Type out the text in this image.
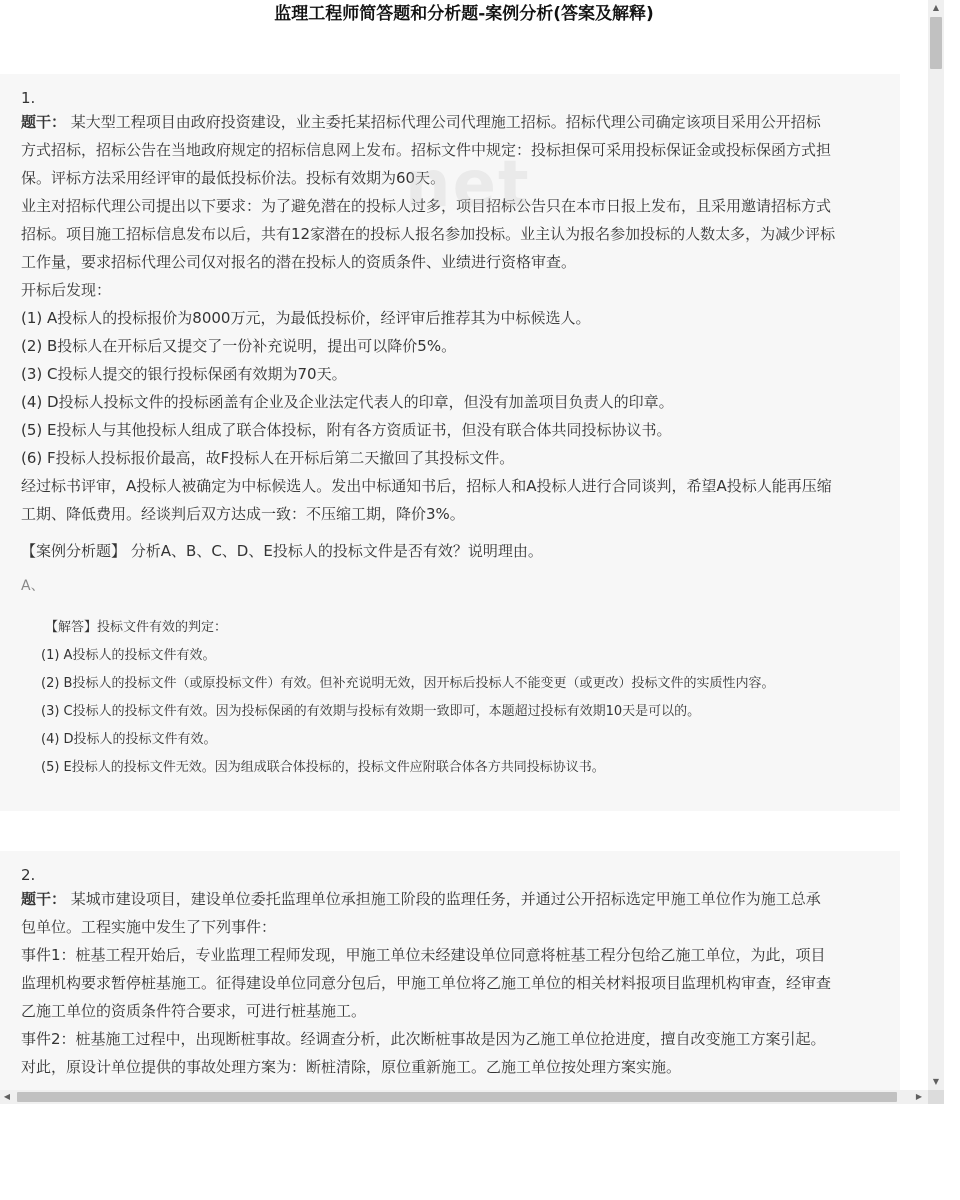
监理工程师简答题和分析题-案例分析(答案及解释)
1.
题干： 某大型工程项目由政府投资建设，业主委托某招标代理公司代理施工招标。招标代理公司确定该项目采用公开招标
方式招标，招标公告在当地政府规定的招标信息网上发布。招标文件中规定：投标担保可采用投标保证金或投标保函方式担
保。评标方法采用经评审的最低投标价法。投标有效期为60天。
业主对招标代理公司提出以下要求：为了避免潜在的投标人过多，项目招标公告只在本市日报上发布，且采用邀请招标方式
招标。项目施工招标信息发布以后，共有12家潜在的投标人报名参加投标。业主认为报名参加投标的人数太多，为减少评标
工作量，要求招标代理公司仅对报名的潜在投标人的资质条件、业绩进行资格审查。
开标后发现：
(1) A投标人的投标报价为8000万元，为最低投标价，经评审后推荐其为中标候选人。
(2) B投标人在开标后又提交了一份补充说明，提出可以降价5%。
(3) C投标人提交的银行投标保函有效期为70天。
(4) D投标人投标文件的投标函盖有企业及企业法定代表人的印章，但没有加盖项目负责人的印章。
(5) E投标人与其他投标人组成了联合体投标，附有各方资质证书，但没有联合体共同投标协议书。
(6) F投标人投标报价最高，故F投标人在开标后第二天撤回了其投标文件。
经过标书评审，A投标人被确定为中标候选人。发出中标通知书后，招标人和A投标人进行合同谈判，希望A投标人能再压缩
工期、降低费用。经谈判后双方达成一致：不压缩工期，降价3%。
【案例分析题】 分析A、B、C、D、E投标人的投标文件是否有效？说明理由。
A、
【解答】投标文件有效的判定：
(1) A投标人的投标文件有效。
(2) B投标人的投标文件（或原投标文件）有效。但补充说明无效，因开标后投标人不能变更（或更改）投标文件的实质性内容。
(3) C投标人的投标文件有效。因为投标保函的有效期与投标有效期一致即可，本题超过投标有效期10天是可以的。
(4) D投标人的投标文件有效。
(5) E投标人的投标文件无效。因为组成联合体投标的，投标文件应附联合体各方共同投标协议书。
net
2.
题干： 某城市建设项目，建设单位委托监理单位承担施工阶段的监理任务，并通过公开招标选定甲施工单位作为施工总承
包单位。工程实施中发生了下列事件：
事件1：桩基工程开始后，专业监理工程师发现，甲施工单位未经建设单位同意将桩基工程分包给乙施工单位，为此，项目
监理机构要求暂停桩基施工。征得建设单位同意分包后，甲施工单位将乙施工单位的相关材料报项目监理机构审查，经审查
乙施工单位的资质条件符合要求，可进行桩基施工。
事件2：桩基施工过程中，出现断桩事故。经调查分析，此次断桩事故是因为乙施工单位抢进度，擅自改变施工方案引起。
对此，原设计单位提供的事故处理方案为：断桩清除，原位重新施工。乙施工单位按处理方案实施。
▲
▼
◀	▶
